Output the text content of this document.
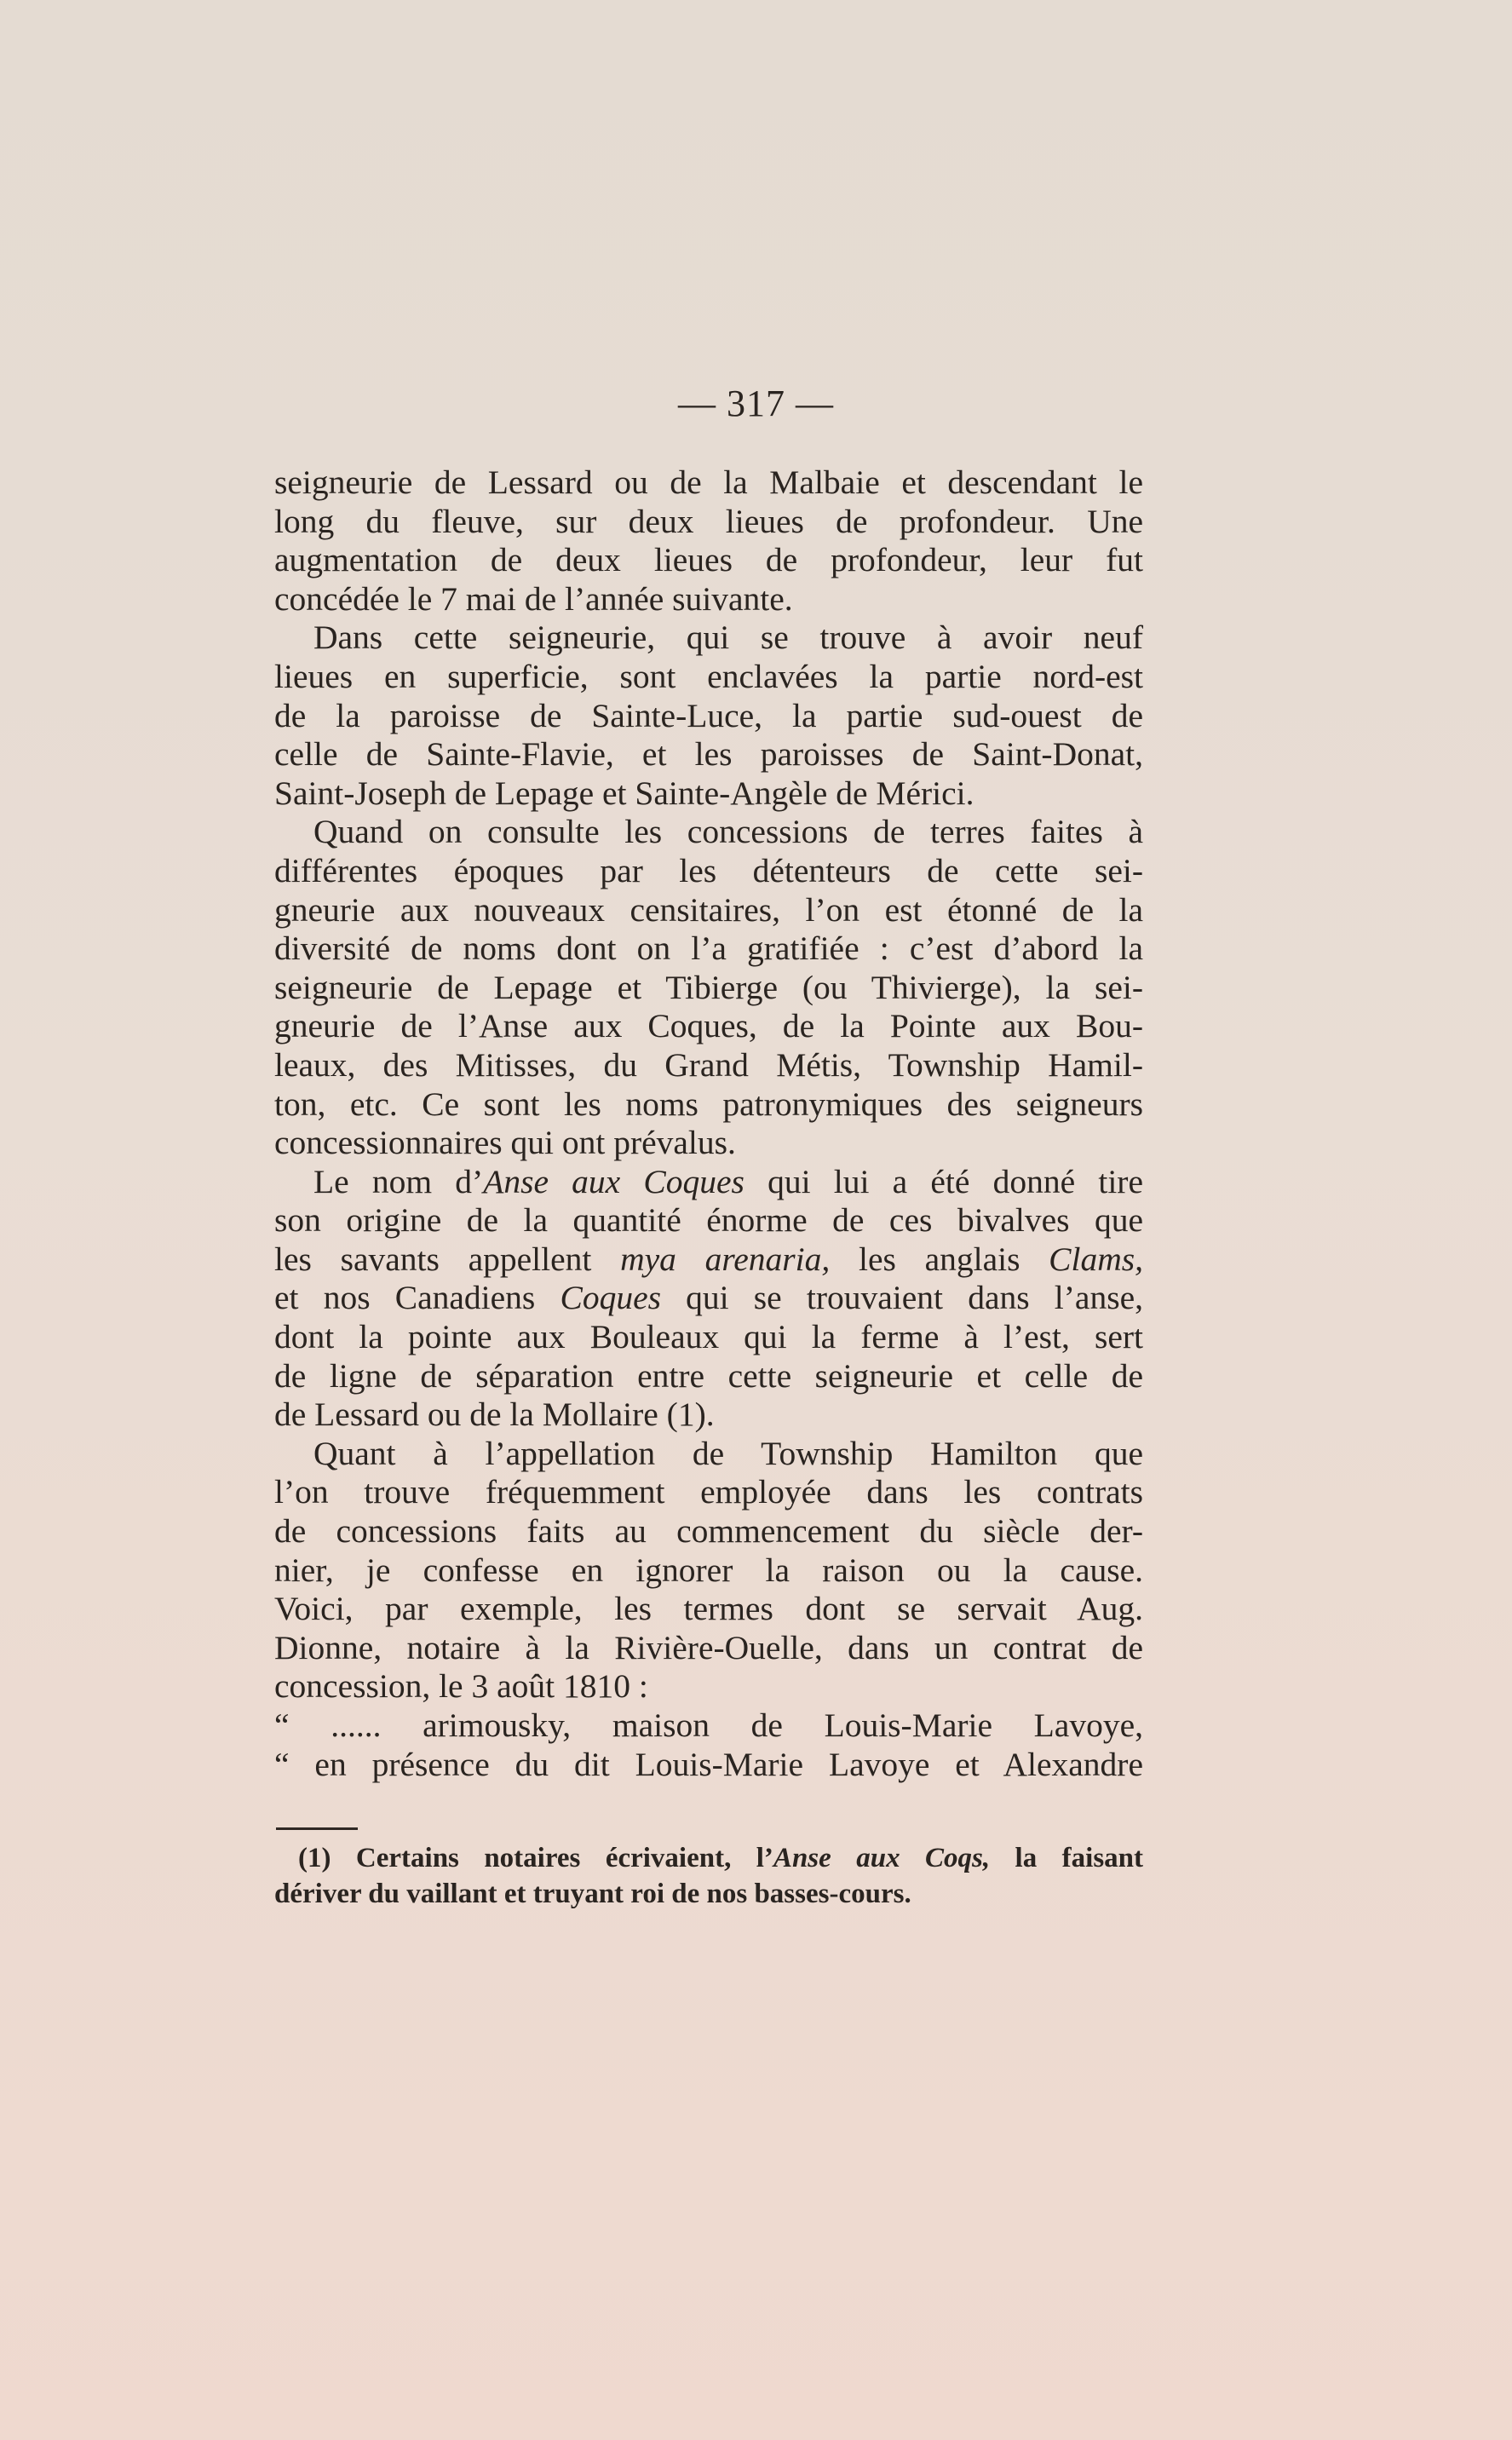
— 317 —
seigneurie de Lessard ou de la Malbaie et descendant le
long du fleuve, sur deux lieues de profondeur. Une
augmentation de deux lieues de profondeur, leur fut
concédée le 7 mai de l’année suivante.
Dans cette seigneurie, qui se trouve à avoir neuf
lieues en superficie, sont enclavées la partie nord-est
de la paroisse de Sainte-Luce, la partie sud-ouest de
celle de Sainte-Flavie, et les paroisses de Saint-Donat,
Saint-Joseph de Lepage et Sainte-Angèle de Mérici.
Quand on consulte les concessions de terres faites à
différentes époques par les détenteurs de cette sei-
gneurie aux nouveaux censitaires, l’on est étonné de la
diversité de noms dont on l’a gratifiée : c’est d’abord la
seigneurie de Lepage et Tibierge (ou Thivierge), la sei-
gneurie de l’Anse aux Coques, de la Pointe aux Bou-
leaux, des Mitisses, du Grand Métis, Township Hamil-
ton, etc. Ce sont les noms patronymiques des seigneurs
concessionnaires qui ont prévalus.
Le nom d’Anse aux Coques qui lui a été donné tire
son origine de la quantité énorme de ces bivalves que
les savants appellent mya arenaria, les anglais Clams,
et nos Canadiens Coques qui se trouvaient dans l’anse,
dont la pointe aux Bouleaux qui la ferme à l’est, sert
de ligne de séparation entre cette seigneurie et celle de
de Lessard ou de la Mollaire (1).
Quant à l’appellation de Township Hamilton que
l’on trouve fréquemment employée dans les contrats
de concessions faits au commencement du siècle der-
nier, je confesse en ignorer la raison ou la cause.
Voici, par exemple, les termes dont se servait Aug.
Dionne, notaire à la Rivière-Ouelle, dans un contrat de
concession, le 3 août 1810 :
“ ...... arimousky, maison de Louis-Marie Lavoye,
“ en présence du dit Louis-Marie Lavoye et Alexandre
(1) Certains notaires écrivaient, l’Anse aux Coqs, la faisant
dériver du vaillant et truyant roi de nos basses-cours.
